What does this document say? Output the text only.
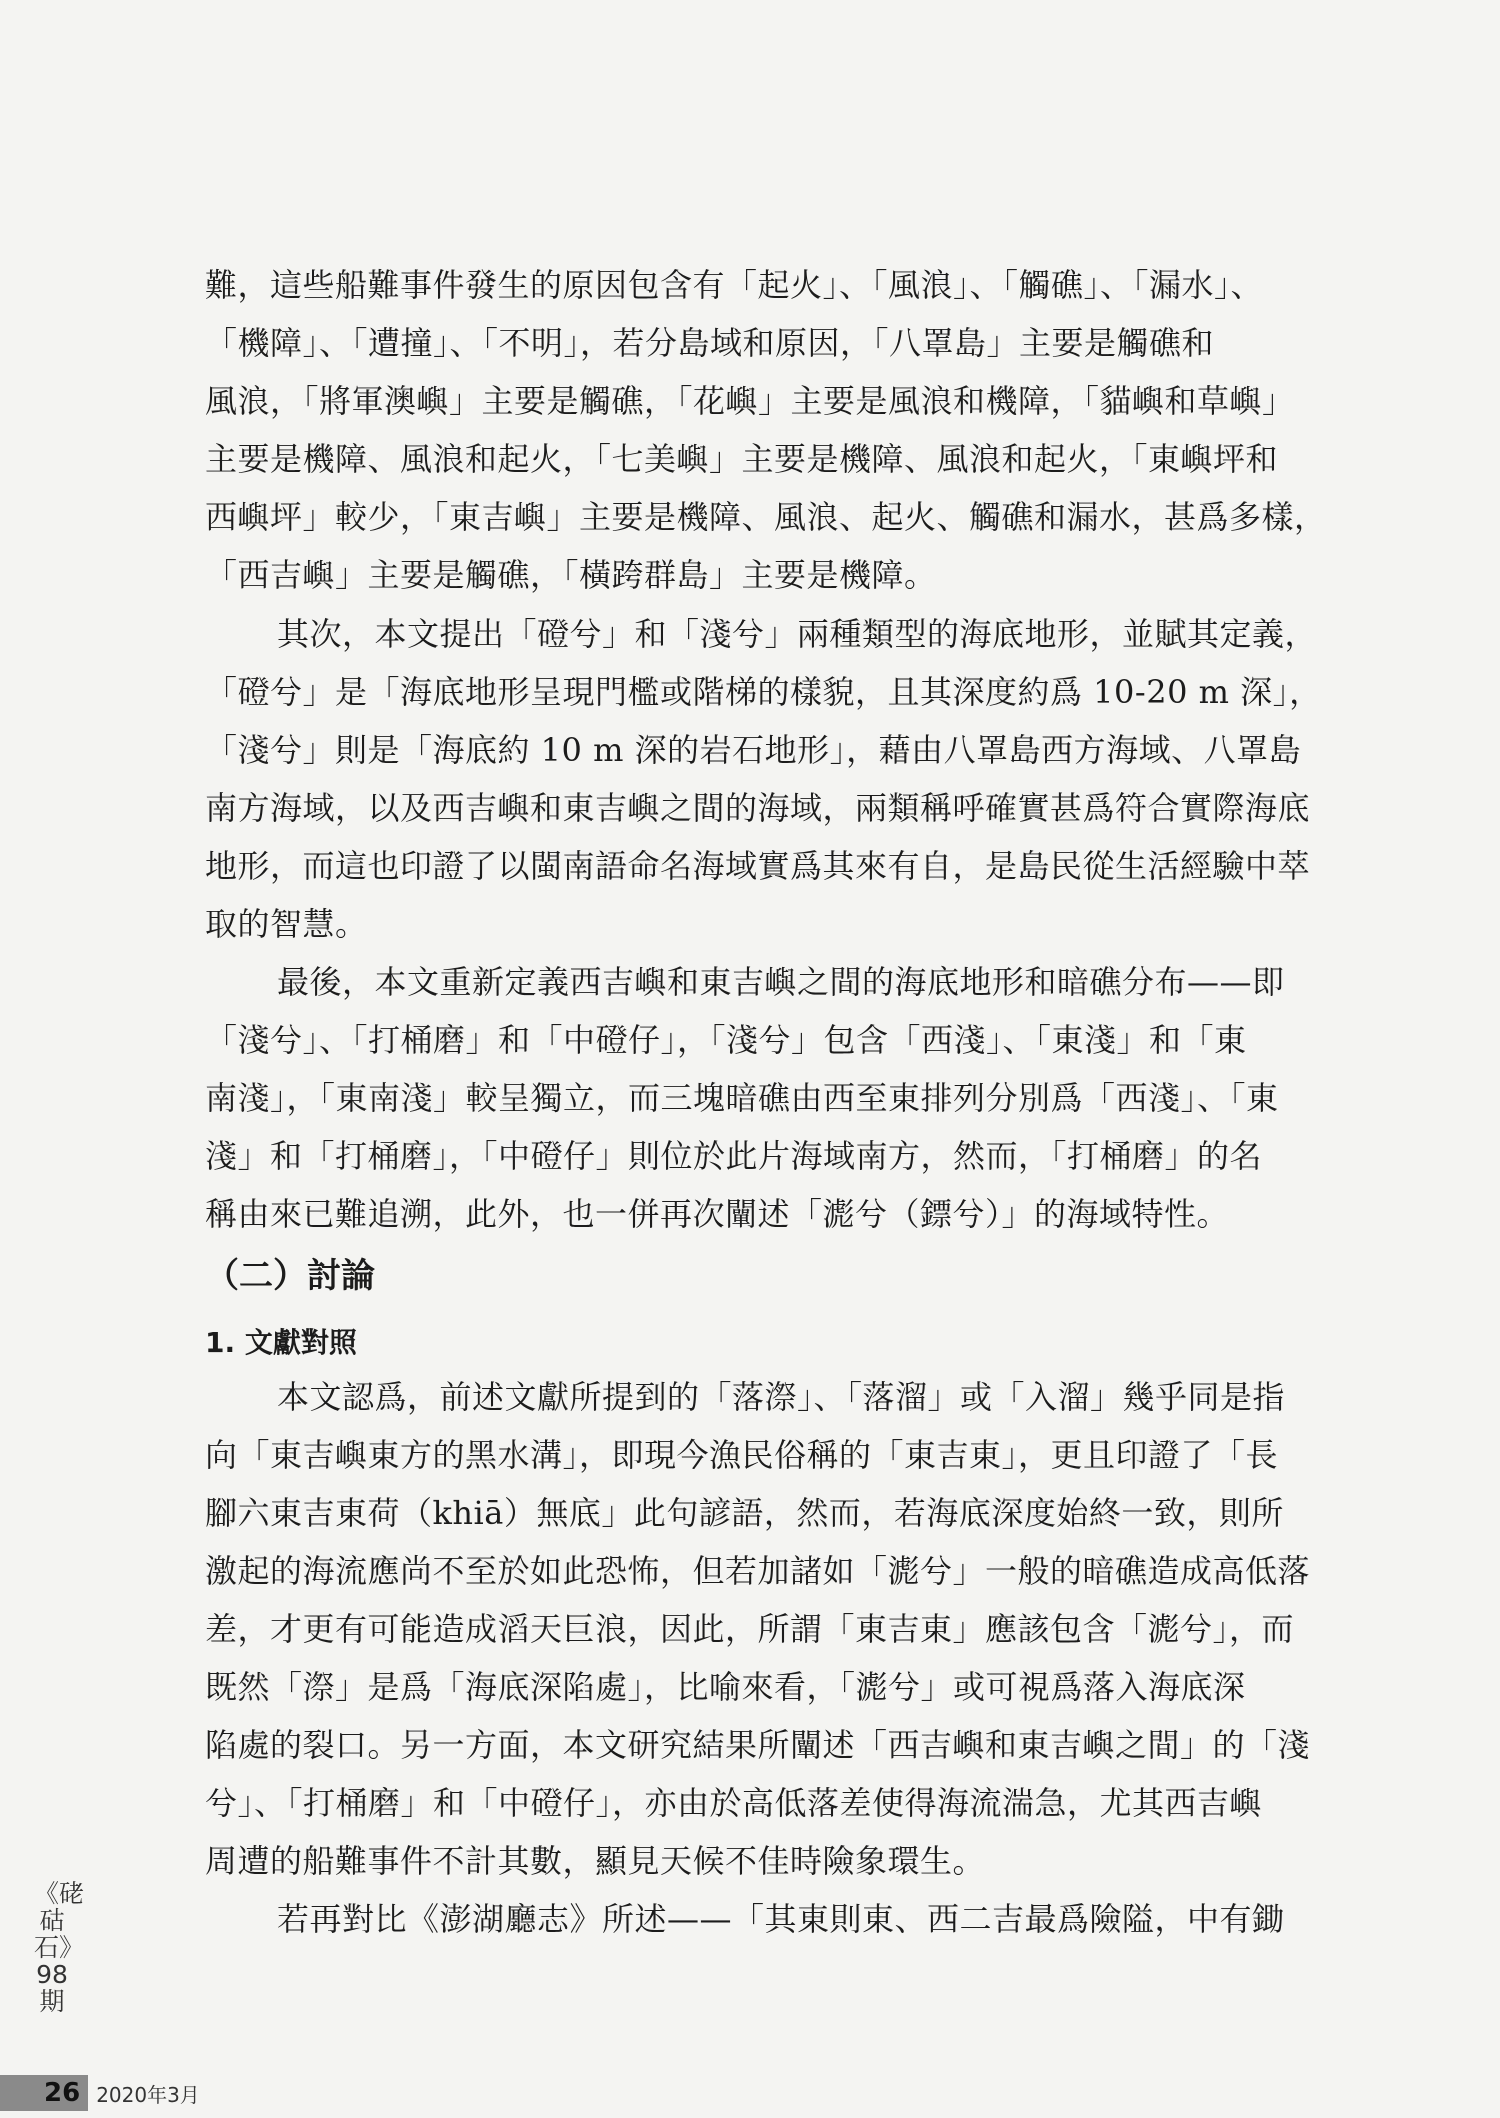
難，這些船難事件發生的原因包含有「起火」、「風浪」、「觸礁」、「漏水」、
「機障」、「遭撞」、「不明」，若分島域和原因，「八罩島」主要是觸礁和
風浪，「將軍澳嶼」主要是觸礁，「花嶼」主要是風浪和機障，「貓嶼和草嶼」
主要是機障、風浪和起火，「七美嶼」主要是機障、風浪和起火，「東嶼坪和
西嶼坪」較少，「東吉嶼」主要是機障、風浪、起火、觸礁和漏水，甚爲多樣，
「西吉嶼」主要是觸礁，「橫跨群島」主要是機障。
其次，本文提出「磴兮」和「淺兮」兩種類型的海底地形，並賦其定義，
「磴兮」是「海底地形呈現門檻或階梯的樣貌，且其深度約爲 10-20 m 深」，
「淺兮」則是「海底約 10 m 深的岩石地形」，藉由八罩島西方海域、八罩島
南方海域，以及西吉嶼和東吉嶼之間的海域，兩類稱呼確實甚爲符合實際海底
地形，而這也印證了以閩南語命名海域實爲其來有自，是島民從生活經驗中萃
取的智慧。
最後，本文重新定義西吉嶼和東吉嶼之間的海底地形和暗礁分布——即
「淺兮」、「打桶磨」和「中磴仔」，「淺兮」包含「西淺」、「東淺」和「東
南淺」，「東南淺」較呈獨立，而三塊暗礁由西至東排列分別爲「西淺」、「東
淺」和「打桶磨」，「中磴仔」則位於此片海域南方，然而，「打桶磨」的名
稱由來已難追溯，此外，也一併再次闡述「滮兮（鏢兮）」的海域特性。
（二）討論
1. 文獻對照
本文認爲，前述文獻所提到的「落漈」、「落溜」或「入溜」幾乎同是指
向「東吉嶼東方的黑水溝」，即現今漁民俗稱的「東吉東」，更且印證了「長
腳六東吉東荷（khiā）無底」此句諺語，然而，若海底深度始終一致，則所
激起的海流應尚不至於如此恐怖，但若加諸如「滮兮」一般的暗礁造成高低落
差，才更有可能造成滔天巨浪，因此，所謂「東吉東」應該包含「滮兮」，而
既然「漈」是爲「海底深陷處」，比喻來看，「滮兮」或可視爲落入海底深
陷處的裂口。另一方面，本文研究結果所闡述「西吉嶼和東吉嶼之間」的「淺
兮」、「打桶磨」和「中磴仔」，亦由於高低落差使得海流湍急，尤其西吉嶼
周遭的船難事件不計其數，顯見天候不佳時險象環生。
若再對比《澎湖廳志》所述——「其東則東、西二吉最爲險隘，中有鋤
《硓𥑮石》98期
26 2020年3月
